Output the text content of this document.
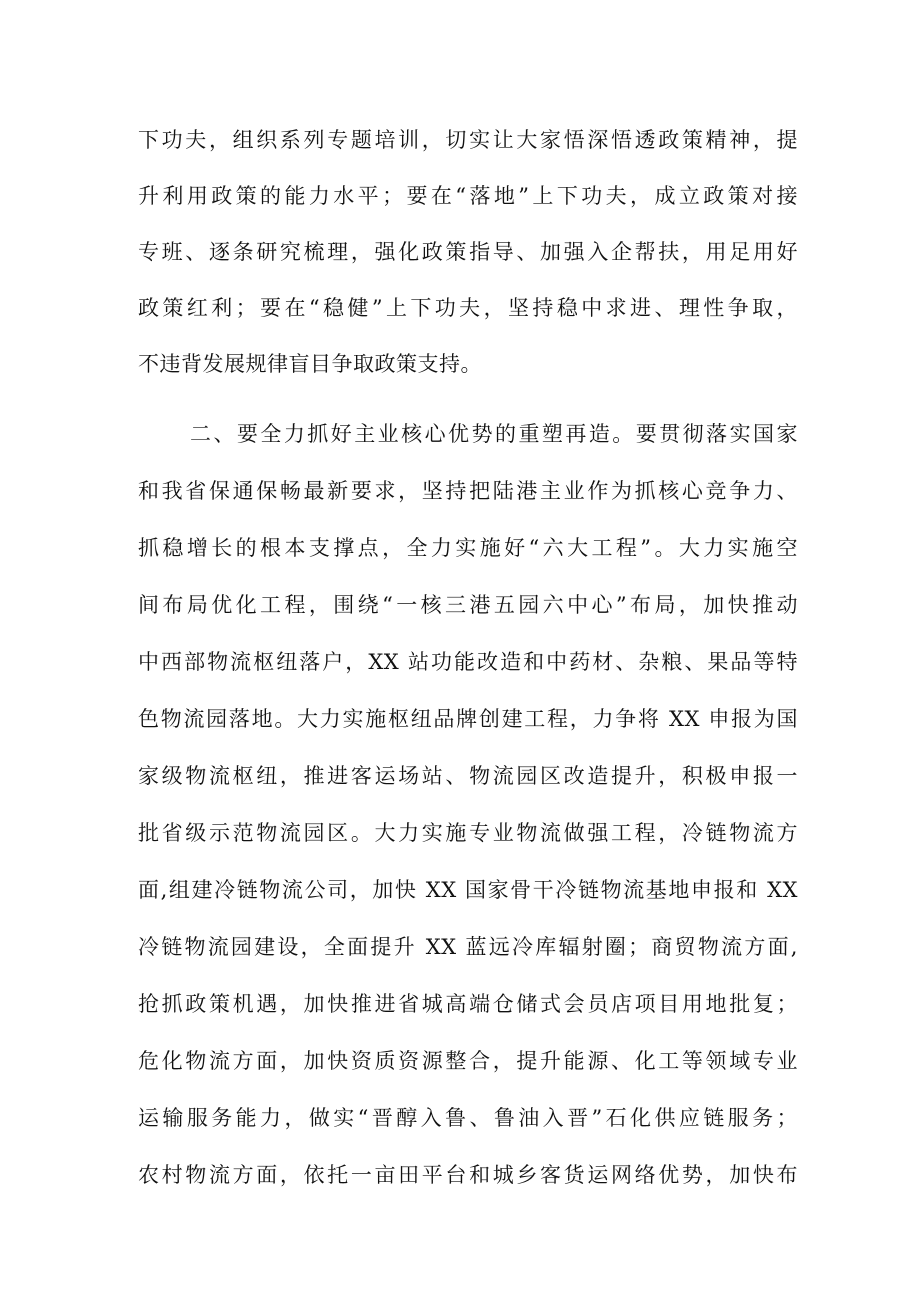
下功夫，组织系列专题培训，切实让大家悟深悟透政策精神，提
升利用政策的能力水平；要在“落地”上下功夫，成立政策对接
专班、逐条研究梳理，强化政策指导、加强入企帮扶，用足用好
政策红利；要在“稳健”上下功夫，坚持稳中求进、理性争取，
不违背发展规律盲目争取政策支持。
二、要全力抓好主业核心优势的重塑再造。要贯彻落实国家
和我省保通保畅最新要求，坚持把陆港主业作为抓核心竞争力、
抓稳增长的根本支撑点，全力实施好“六大工程”。大力实施空
间布局优化工程，围绕“一核三港五园六中心”布局，加快推动
中西部物流枢纽落户，XX 站功能改造和中药材、杂粮、果品等特
色物流园落地。大力实施枢纽品牌创建工程，力争将 XX 申报为国
家级物流枢纽，推进客运场站、物流园区改造提升，积极申报一
批省级示范物流园区。大力实施专业物流做强工程，冷链物流方
面,组建冷链物流公司，加快 XX 国家骨干冷链物流基地申报和 XX
冷链物流园建设，全面提升 XX 蓝远冷库辐射圈；商贸物流方面,
抢抓政策机遇，加快推进省城高端仓储式会员店项目用地批复；
危化物流方面，加快资质资源整合，提升能源、化工等领域专业
运输服务能力，做实“晋醇入鲁、鲁油入晋”石化供应链服务；
农村物流方面，依托一亩田平台和城乡客货运网络优势，加快布
